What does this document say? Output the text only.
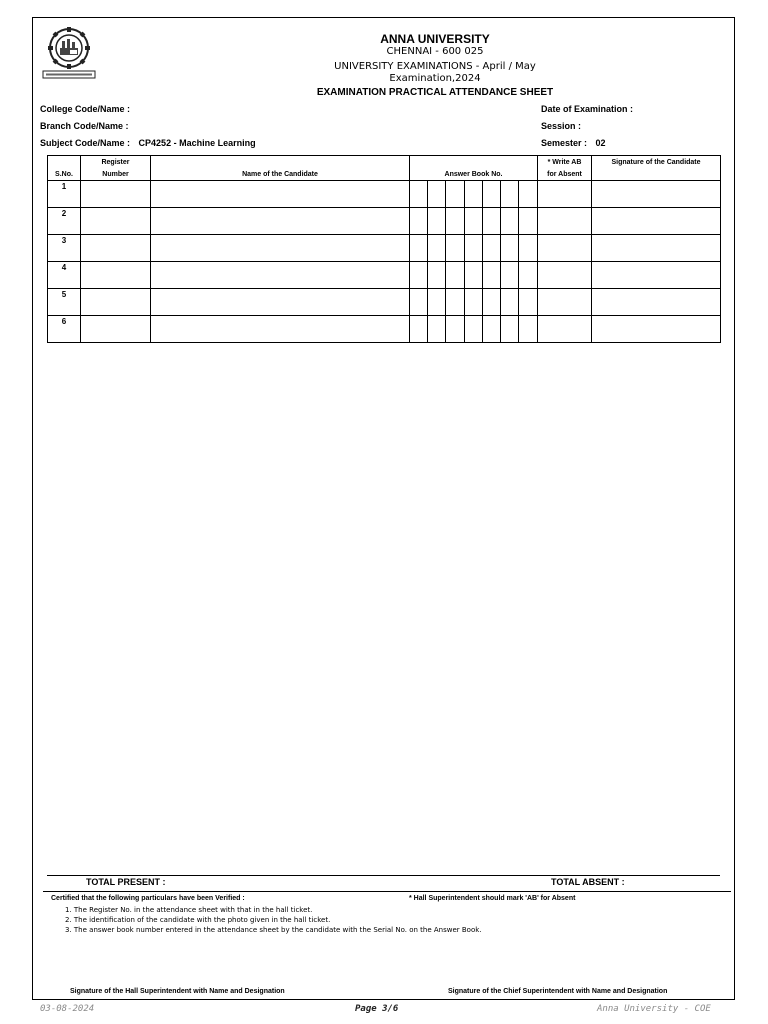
ANNA UNIVERSITY
CHENNAI - 600 025
UNIVERSITY EXAMINATIONS - April / May
Examination,2024
EXAMINATION PRACTICAL ATTENDANCE SHEET
College Code/Name :
Branch Code/Name :
Subject Code/Name : CP4252 - Machine Learning
Date of Examination :
Session :
Semester : 02
S.No.	Register	Name of the Candidate	Answer Book No.							* Write AB	Signature of the Candidate
	Number									for Absent	
1											
2											
3											
4											
5											
6											
TOTAL PRESENT :	TOTAL ABSENT :
Certified that the following particulars have been Verified :	* Hall Superintendent should mark 'AB' for Absent
1. The Register No. in the attendance sheet with that in the hall ticket.
2. The identification of the candidate with the photo given in the hall ticket.
3. The answer book number entered in the attendance sheet by the candidate with the Serial No. on the Answer Book.
Signature of the Hall Superintendent with Name and Designation	Signature of the Chief Superintendent with Name and Designation
03-08-2024	Page 3/6	Anna University - COE
